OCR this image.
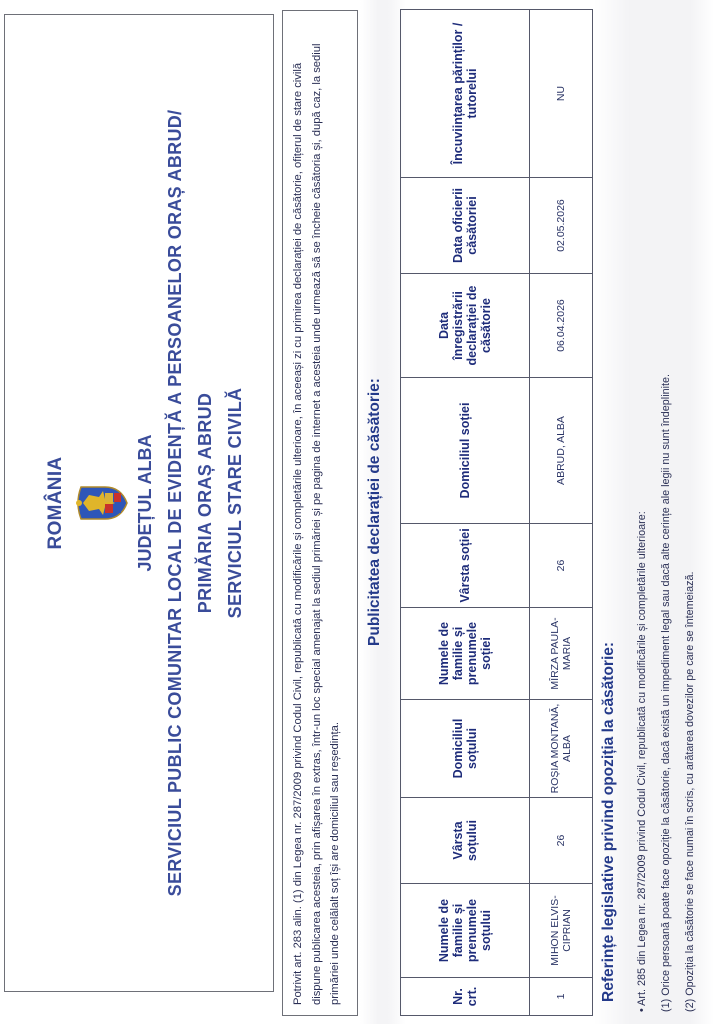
ROMÂNIA	JUDEȚUL ALBA SERVICIUL PUBLIC COMUNITAR LOCAL DE EVIDENȚĂ A PERSOANELOR ORAȘ ABRUD/ PRIMĂRIA ORAȘ ABRUD SERVICIUL STARE CIVILĂ	Potrivit art. 283 alin. (1) din Legea nr. 287/2009 privind Codul Civil, republicată cu modificările și completările ulterioare, în aceeași zi cu primirea declarației de căsătorie, ofițerul de stare civilă dispune publicarea acesteia, prin afișarea în extras, într-un loc special amenajat la sediul primăriei și pe pagina de internet a acesteia unde urmează să se încheie căsătoria și, după caz, la sediul primăriei unde celălalt soț își are domiciliul sau reședința.
Publicitatea declarației de căsătorie:
Nr. crt.	Numele de familie și prenumele soțului	Vârsta soțului	Domiciliul soțului	Numele de familie și prenumele soției	Vârsta soției	Domiciliul soției	Data înregistrării declarației de căsătorie	Data oficierii căsătoriei	Încuviințarea părinților / tutorelui
1	MIHON ELVIS-CIPRIAN	26	ROȘIA MONTANĂ, ALBA	MÎRZA PAULA-MARIA	26	ABRUD, ALBA	06.04.2026	02.05.2026	NU
Referințe legislative privind opoziția la căsătorie: • Art. 285 din Legea nr. 287/2009 privind Codul Civil, republicată cu modificările și completările ulterioare: (1) Orice persoană poate face opoziție la căsătorie, dacă există un impediment legal sau dacă alte cerințe ale legii nu sunt îndeplinite. (2) Opoziția la căsătorie se face numai în scris, cu arătarea dovezilor pe care se întemeiază.
